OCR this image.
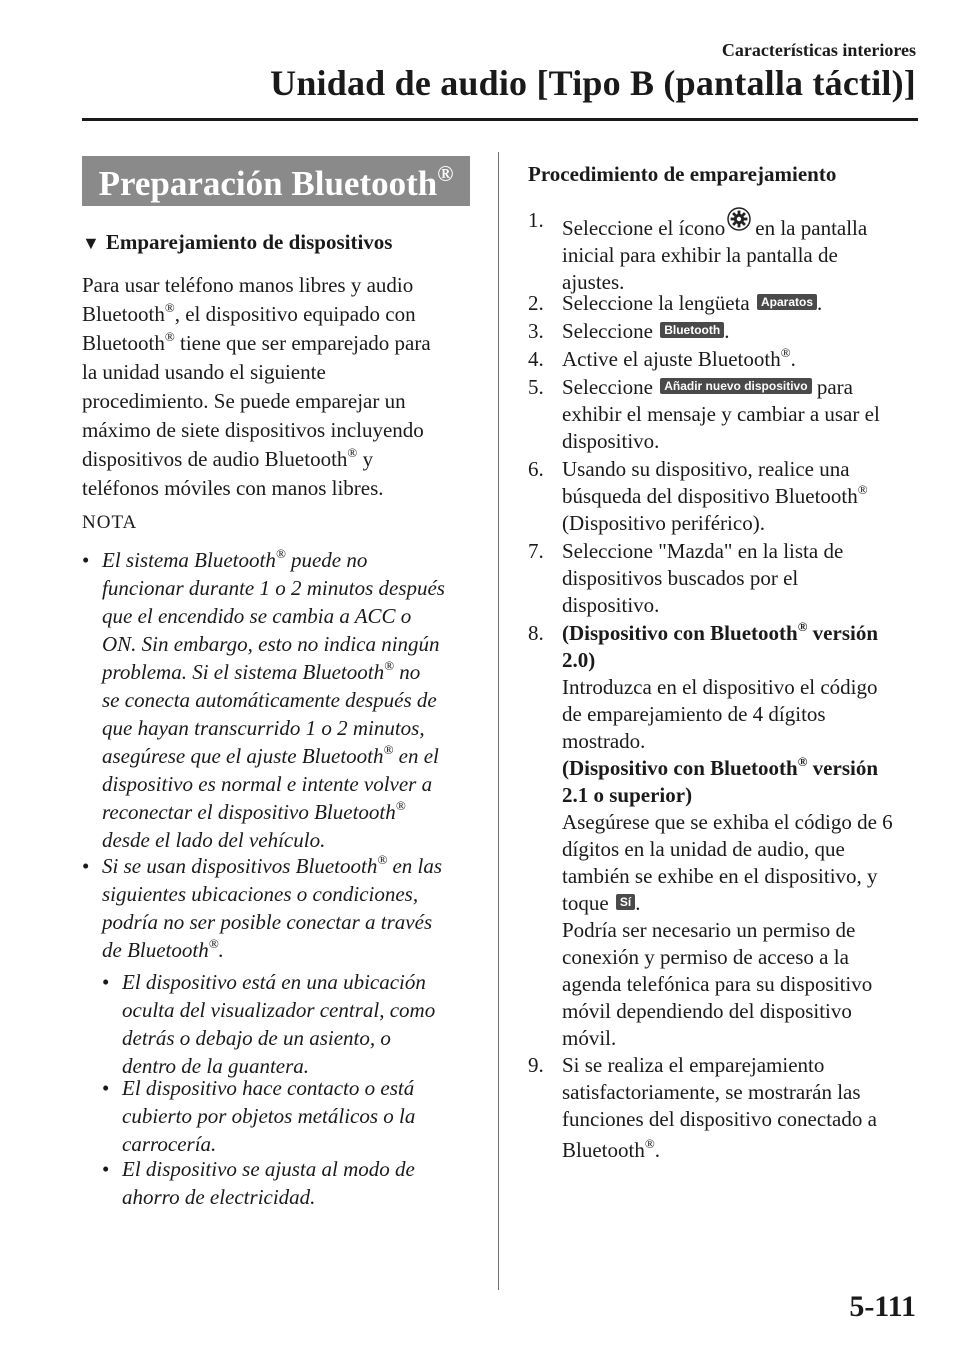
Características interiores
Unidad de audio [Tipo B (pantalla táctil)]
Preparación Bluetooth®
▼ Emparejamiento de dispositivos
Para usar teléfono manos libres y audio
Bluetooth®, el dispositivo equipado con
Bluetooth® tiene que ser emparejado para
la unidad usando el siguiente
procedimiento. Se puede emparejar un
máximo de siete dispositivos incluyendo
dispositivos de audio Bluetooth® y
teléfonos móviles con manos libres.
NOTA
• El sistema Bluetooth® puede no
funcionar durante 1 o 2 minutos después
que el encendido se cambia a ACC o
ON. Sin embargo, esto no indica ningún
problema. Si el sistema Bluetooth® no
se conecta automáticamente después de
que hayan transcurrido 1 o 2 minutos,
asegúrese que el ajuste Bluetooth® en el
dispositivo es normal e intente volver a
reconectar el dispositivo Bluetooth®
desde el lado del vehículo.
• Si se usan dispositivos Bluetooth® en las
siguientes ubicaciones o condiciones,
podría no ser posible conectar a través
de Bluetooth®.
• El dispositivo está en una ubicación
oculta del visualizador central, como
detrás o debajo de un asiento, o
dentro de la guantera.
• El dispositivo hace contacto o está
cubierto por objetos metálicos o la
carrocería.
• El dispositivo se ajusta al modo de
ahorro de electricidad.
Procedimiento de emparejamiento
1. Seleccione el ícono en la pantalla
inicial para exhibir la pantalla de
ajustes.
2. Seleccione la lengüeta Aparatos .
3. Seleccione Bluetooth .
4. Active el ajuste Bluetooth®.
5. Seleccione Añadir nuevo dispositivo para
exhibir el mensaje y cambiar a usar el
dispositivo.
6. Usando su dispositivo, realice una
búsqueda del dispositivo Bluetooth®
(Dispositivo periférico).
7. Seleccione "Mazda" en la lista de
dispositivos buscados por el
dispositivo.
8. (Dispositivo con Bluetooth® versión
2.0)
Introduzca en el dispositivo el código
de emparejamiento de 4 dígitos
mostrado.
(Dispositivo con Bluetooth® versión
2.1 o superior)
Asegúrese que se exhiba el código de 6
dígitos en la unidad de audio, que
también se exhibe en el dispositivo, y
toque Sí .
Podría ser necesario un permiso de
conexión y permiso de acceso a la
agenda telefónica para su dispositivo
móvil dependiendo del dispositivo
móvil.
9. Si se realiza el emparejamiento
satisfactoriamente, se mostrarán las
funciones del dispositivo conectado a
Bluetooth®.
5-111
